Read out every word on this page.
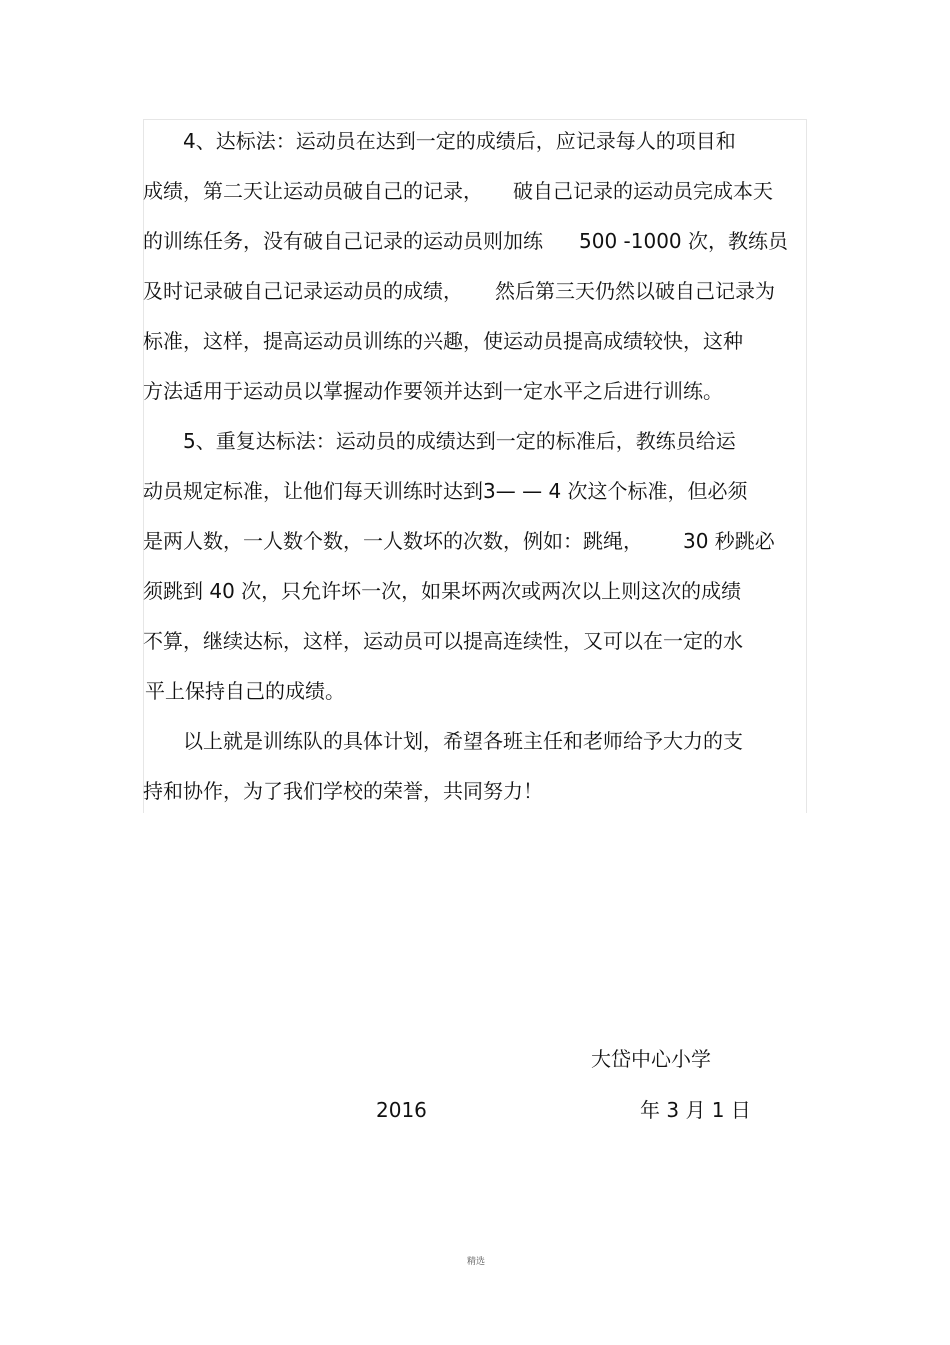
4、达标法：运动员在达到一定的成绩后，应记录每人的项目和
成绩，第二天让运动员破自己的记录， 破自己记录的运动员完成本天
的训练任务，没有破自己记录的运动员则加练 500 -1000 次，教练员
及时记录破自己记录运动员的成绩， 然后第三天仍然以破自己记录为
标准，这样，提高运动员训练的兴趣，使运动员提高成绩较快，这种
方法适用于运动员以掌握动作要领并达到一定水平之后进行训练。
5、重复达标法：运动员的成绩达到一定的标准后，教练员给运
动员规定标准，让他们每天训练时达到3— — 4 次这个标准，但必须
是两人数，一人数个数，一人数坏的次数，例如：跳绳， 30 秒跳必
须跳到 40 次，只允许坏一次，如果坏两次或两次以上则这次的成绩
不算，继续达标，这样，运动员可以提高连续性，又可以在一定的水
平上保持自己的成绩。
以上就是训练队的具体计划，希望各班主任和老师给予大力的支
持和协作，为了我们学校的荣誉，共同努力！
大岱中心小学
2016	年 3 月 1 日
精选
